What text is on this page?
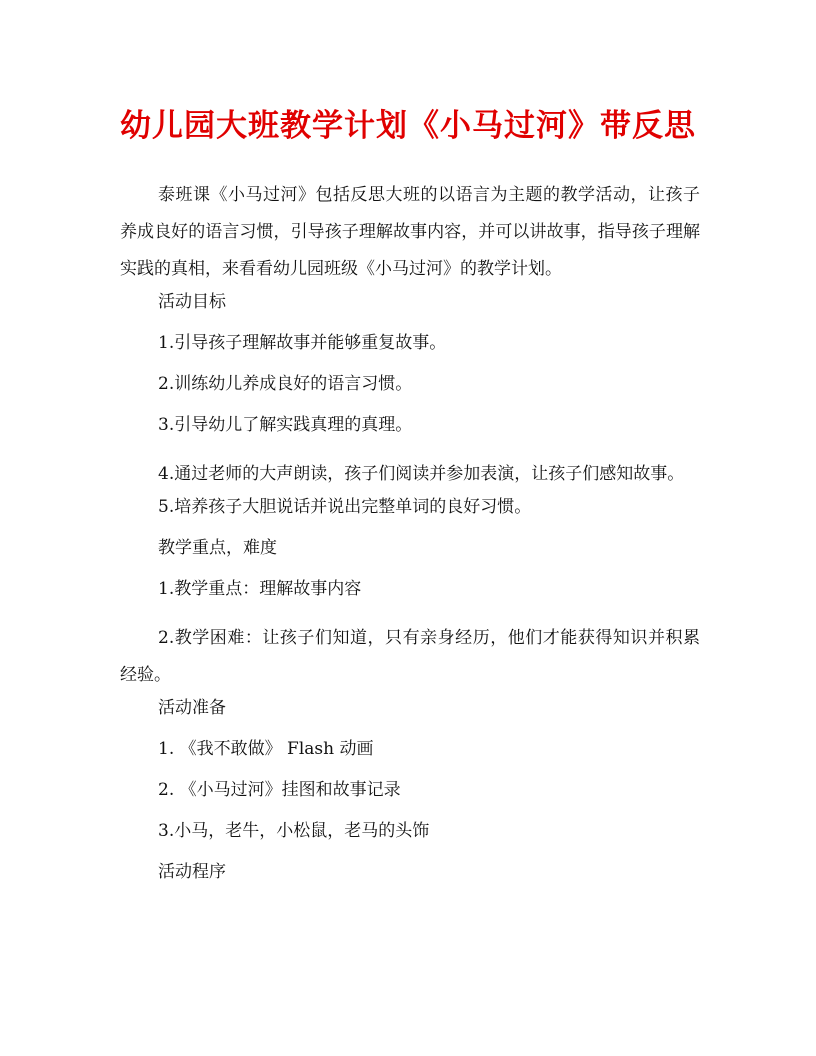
幼儿园大班教学计划《小马过河》带反思

泰班课《小马过河》包括反思大班的以语言为主题的教学活动，让孩子养成良好的语言习惯，引导孩子理解故事内容，并可以讲故事，指导孩子理解实践的真相，来看看幼儿园班级《小马过河》的教学计划。

活动目标

1.引导孩子理解故事并能够重复故事。

2.训练幼儿养成良好的语言习惯。

3.引导幼儿了解实践真理的真理。

4.通过老师的大声朗读，孩子们阅读并参加表演，让孩子们感知故事。

5.培养孩子大胆说话并说出完整单词的良好习惯。

教学重点，难度

1.教学重点：理解故事内容

2.教学困难：让孩子们知道，只有亲身经历，他们才能获得知识并积累经验。

活动准备

1. 《我不敢做》 Flash 动画

2. 《小马过河》挂图和故事记录

3.小马，老牛，小松鼠，老马的头饰

活动程序
